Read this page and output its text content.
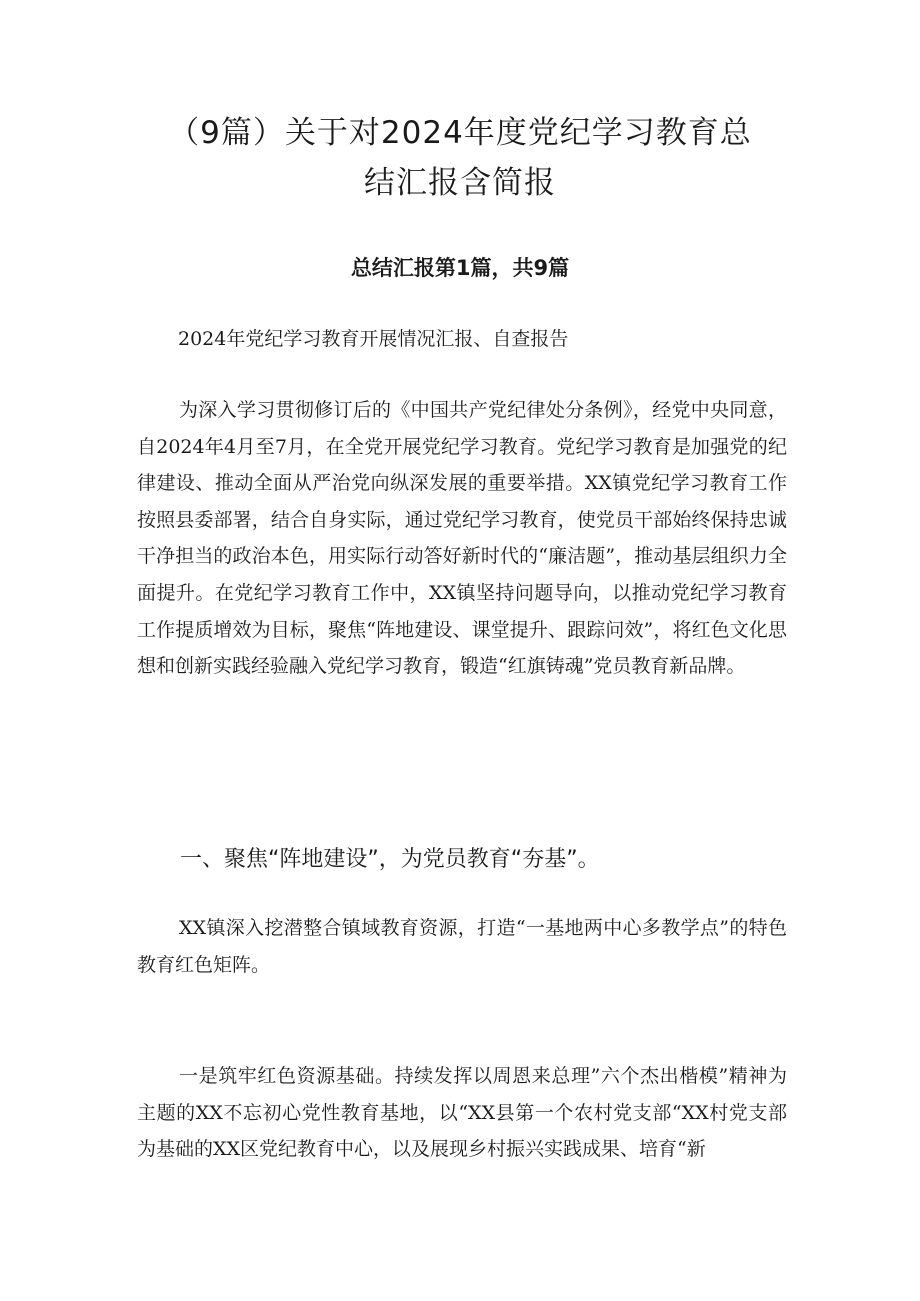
（9篇）关于对2024年度党纪学习教育总
结汇报含简报

总结汇报第1篇，共9篇

2024年党纪学习教育开展情况汇报、自查报告

为深入学习贯彻修订后的《中国共产党纪律处分条例》，经党中央同意，自2024年4月至7月，在全党开展党纪学习教育。党纪学习教育是加强党的纪律建设、推动全面从严治党向纵深发展的重要举措。XX镇党纪学习教育工作按照县委部署，结合自身实际，通过党纪学习教育，使党员干部始终保持忠诚干净担当的政治本色，用实际行动答好新时代的“廉洁题”，推动基层组织力全面提升。在党纪学习教育工作中，XX镇坚持问题导向，以推动党纪学习教育工作提质增效为目标，聚焦“阵地建设、课堂提升、跟踪问效”，将红色文化思想和创新实践经验融入党纪学习教育，锻造“红旗铸魂”党员教育新品牌。

一、聚焦“阵地建设”，为党员教育“夯基”。

XX镇深入挖潜整合镇域教育资源，打造“一基地两中心多教学点”的特色教育红色矩阵。

一是筑牢红色资源基础。持续发挥以周恩来总理”六个杰出楷模”精神为主题的XX不忘初心党性教育基地，以“XX县第一个农村党支部“XX村党支部为基础的XX区党纪教育中心，以及展现乡村振兴实践成果、培育“新
